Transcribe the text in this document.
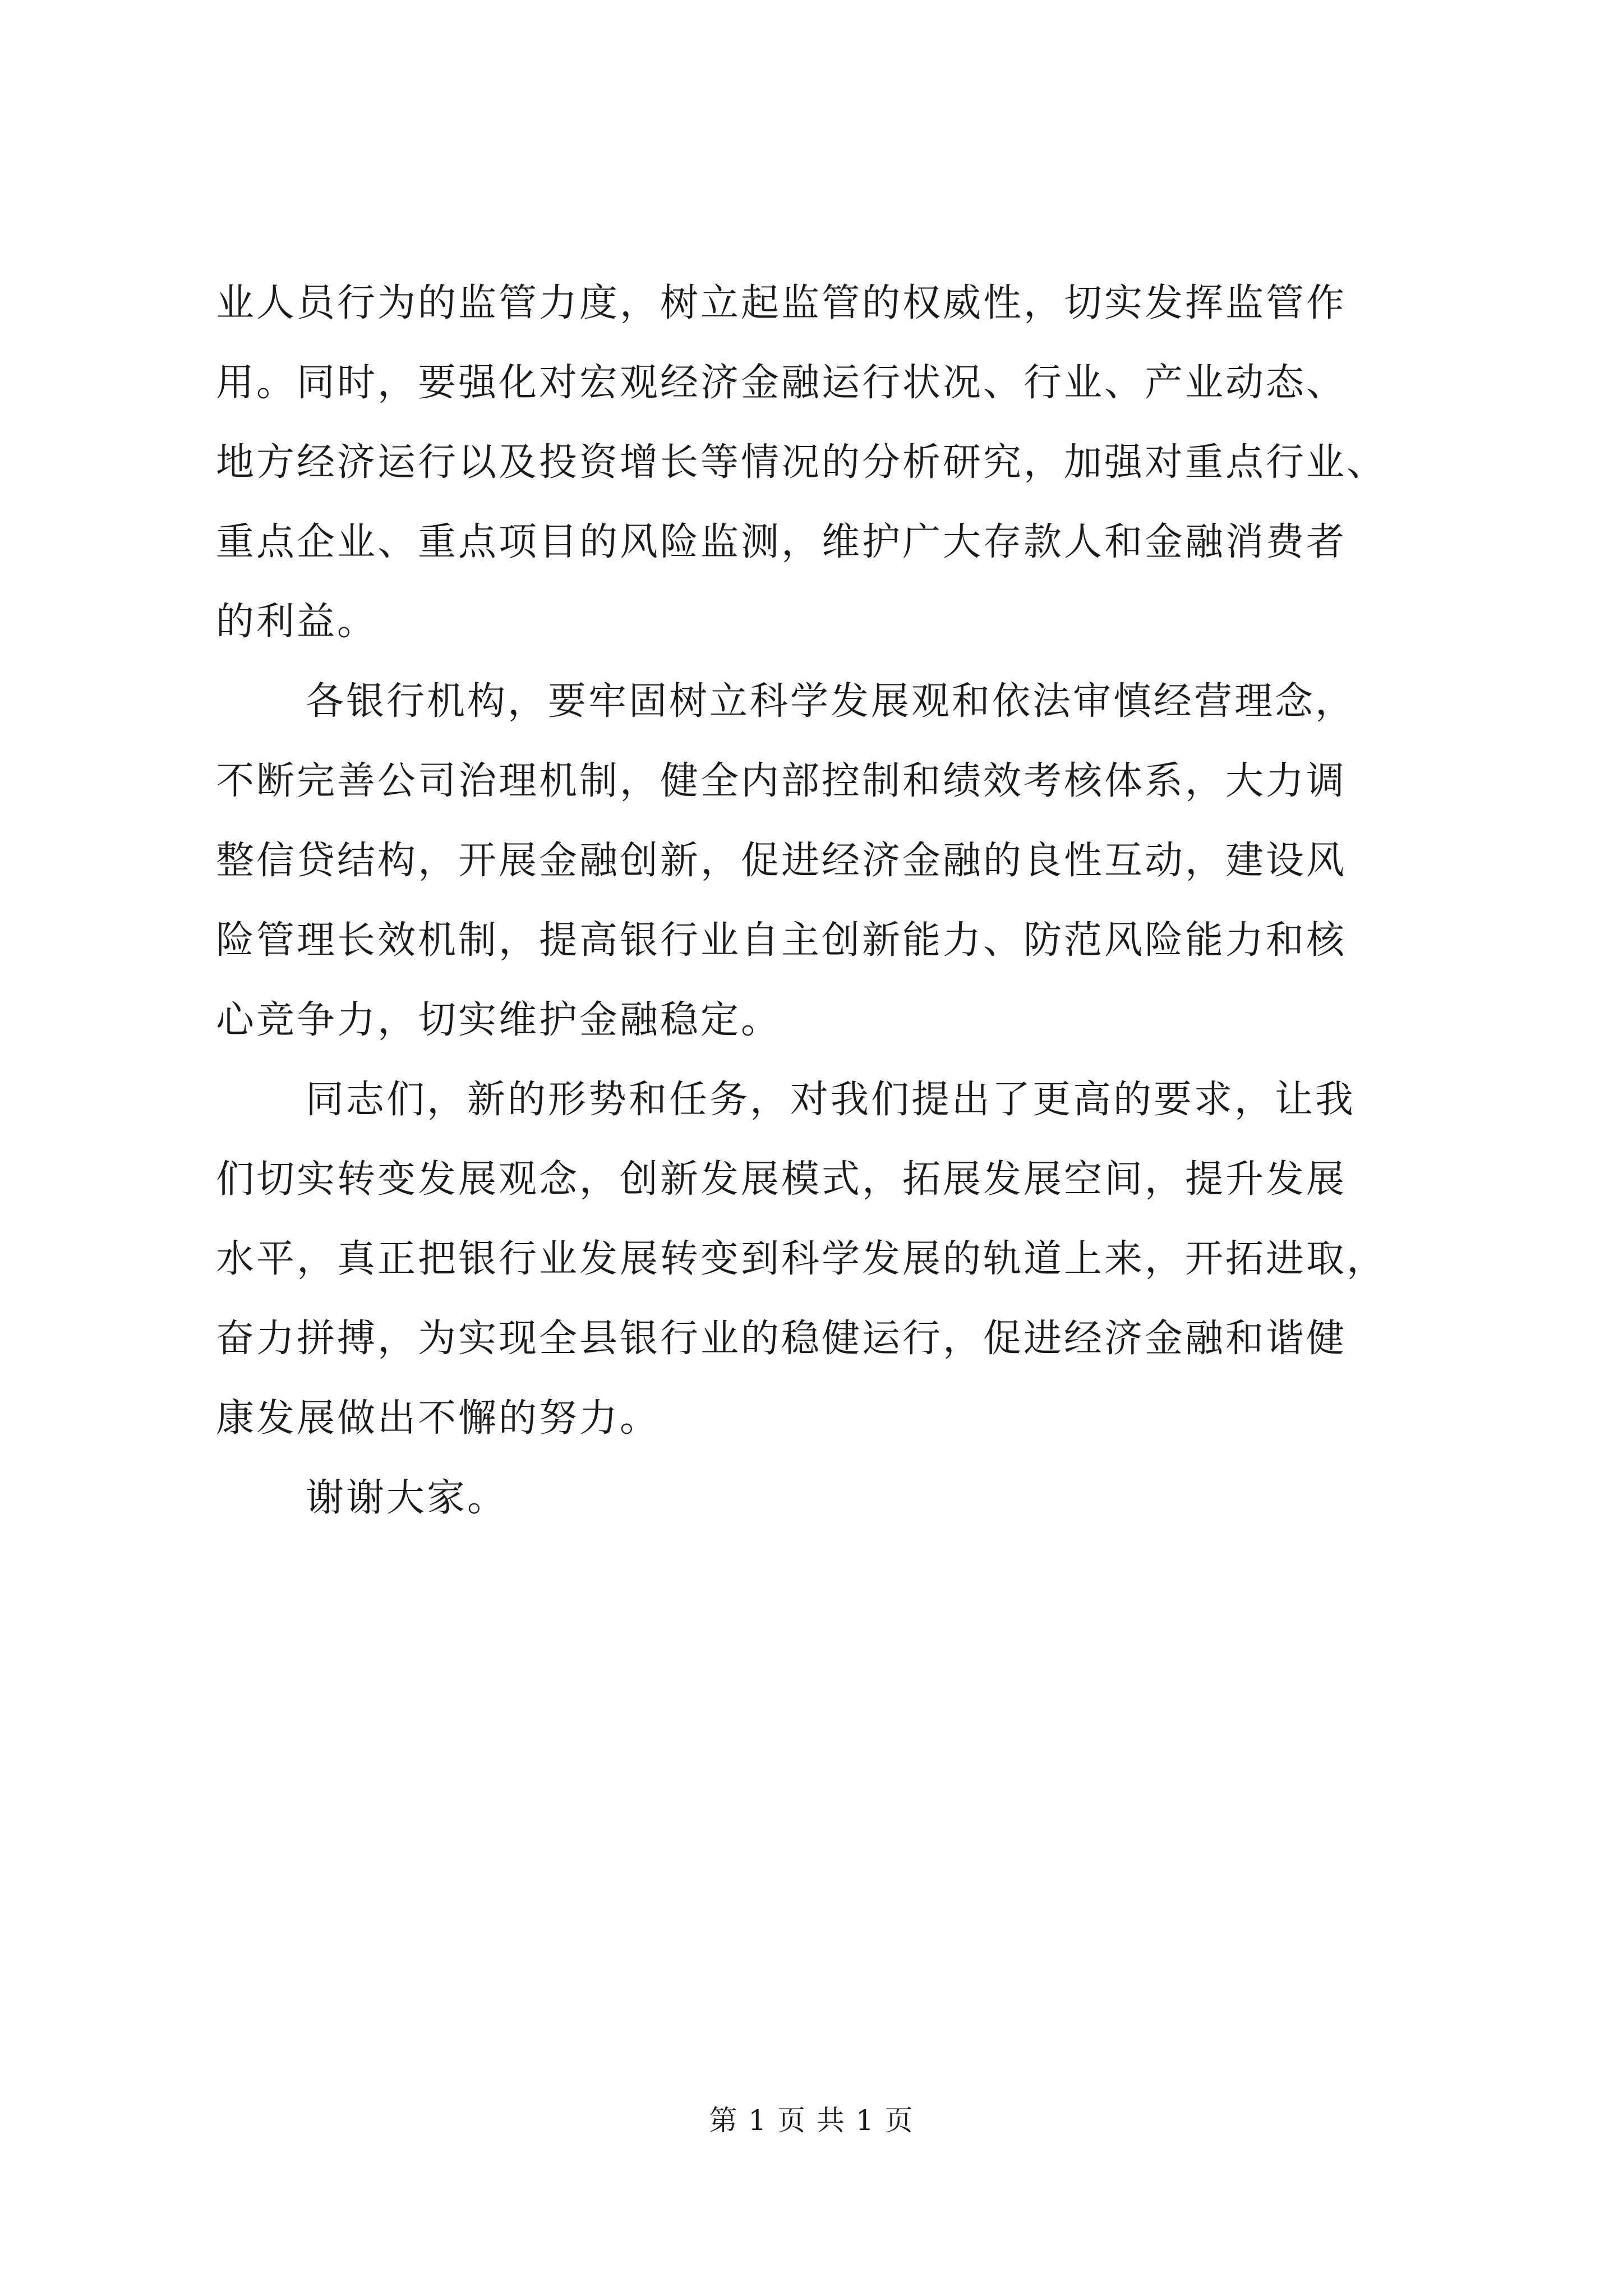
业人员行为的监管力度，树立起监管的权威性，切实发挥监管作
用。同时，要强化对宏观经济金融运行状况、行业、产业动态、
地方经济运行以及投资增长等情况的分析研究，加强对重点行业、
重点企业、重点项目的风险监测，维护广大存款人和金融消费者
的利益。
各银行机构，要牢固树立科学发展观和依法审慎经营理念，
不断完善公司治理机制，健全内部控制和绩效考核体系，大力调
整信贷结构，开展金融创新，促进经济金融的良性互动，建设风
险管理长效机制，提高银行业自主创新能力、防范风险能力和核
心竞争力，切实维护金融稳定。
同志们，新的形势和任务，对我们提出了更高的要求，让我
们切实转变发展观念，创新发展模式，拓展发展空间，提升发展
水平，真正把银行业发展转变到科学发展的轨道上来，开拓进取，
奋力拼搏，为实现全县银行业的稳健运行，促进经济金融和谐健
康发展做出不懈的努力。
谢谢大家。
第 1 页 共 1 页
